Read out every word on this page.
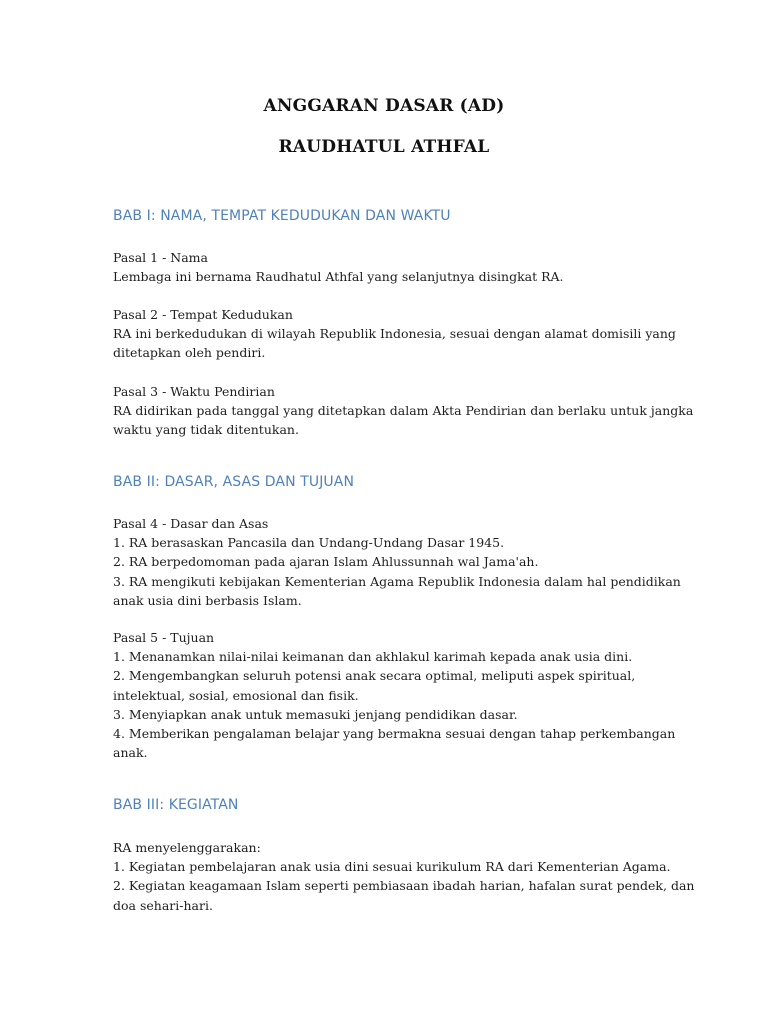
ANGGARAN DASAR (AD)
RAUDHATUL ATHFAL
BAB I: NAMA, TEMPAT KEDUDUKAN DAN WAKTU
Pasal 1 - Nama
Lembaga ini bernama Raudhatul Athfal yang selanjutnya disingkat RA.
Pasal 2 - Tempat Kedudukan
RA ini berkedudukan di wilayah Republik Indonesia, sesuai dengan alamat domisili yang
ditetapkan oleh pendiri.
Pasal 3 - Waktu Pendirian
RA didirikan pada tanggal yang ditetapkan dalam Akta Pendirian dan berlaku untuk jangka
waktu yang tidak ditentukan.
BAB II: DASAR, ASAS DAN TUJUAN
Pasal 4 - Dasar dan Asas
1. RA berasaskan Pancasila dan Undang-Undang Dasar 1945.
2. RA berpedomoman pada ajaran Islam Ahlussunnah wal Jama'ah.
3. RA mengikuti kebijakan Kementerian Agama Republik Indonesia dalam hal pendidikan
anak usia dini berbasis Islam.
Pasal 5 - Tujuan
1. Menanamkan nilai-nilai keimanan dan akhlakul karimah kepada anak usia dini.
2. Mengembangkan seluruh potensi anak secara optimal, meliputi aspek spiritual,
intelektual, sosial, emosional dan fisik.
3. Menyiapkan anak untuk memasuki jenjang pendidikan dasar.
4. Memberikan pengalaman belajar yang bermakna sesuai dengan tahap perkembangan
anak.
BAB III: KEGIATAN
RA menyelenggarakan:
1. Kegiatan pembelajaran anak usia dini sesuai kurikulum RA dari Kementerian Agama.
2. Kegiatan keagamaan Islam seperti pembiasaan ibadah harian, hafalan surat pendek, dan
doa sehari-hari.
